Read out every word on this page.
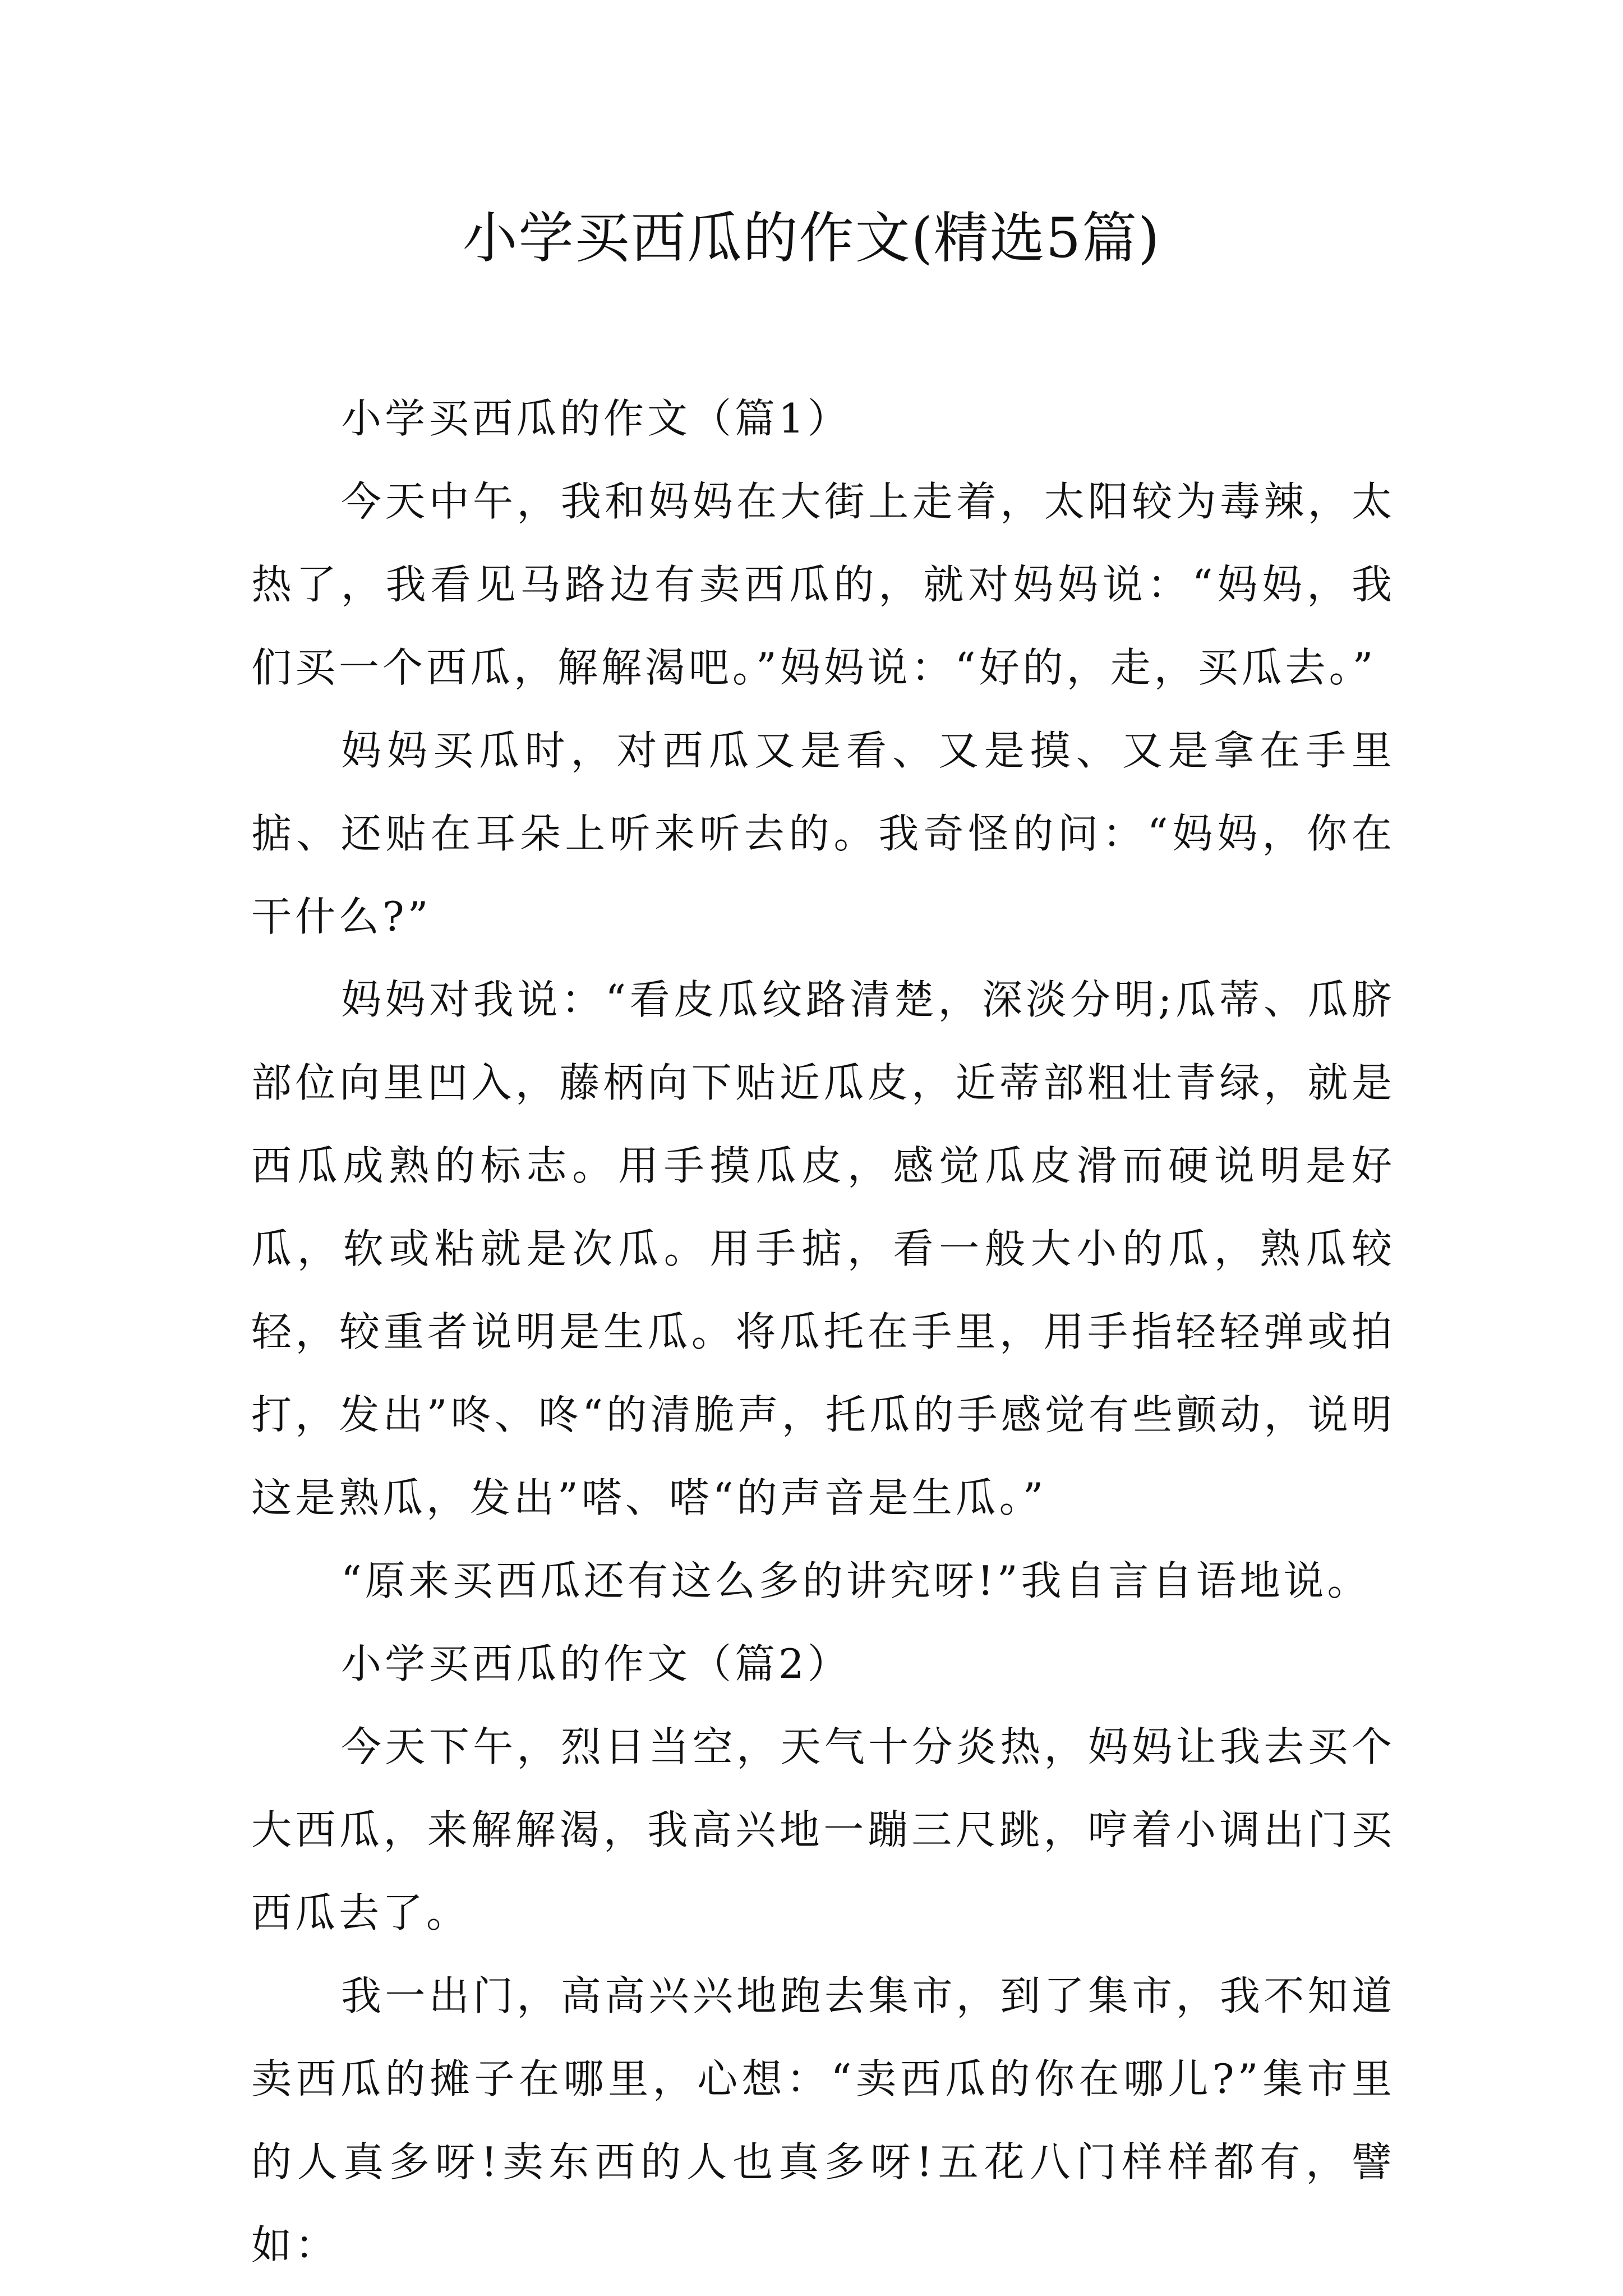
小学买西瓜的作文(精选5篇)

小学买西瓜的作文（篇1）

今天中午，我和妈妈在大街上走着，太阳较为毒辣，太热了，我看见马路边有卖西瓜的，就对妈妈说：“妈妈，我们买一个西瓜，解解渴吧。”妈妈说：“好的，走，买瓜去。”

妈妈买瓜时，对西瓜又是看、又是摸、又是拿在手里掂、还贴在耳朵上听来听去的。我奇怪的问：“妈妈，你在干什么?”

妈妈对我说：“看皮瓜纹路清楚，深淡分明;瓜蒂、瓜脐部位向里凹入，藤柄向下贴近瓜皮，近蒂部粗壮青绿，就是西瓜成熟的标志。用手摸瓜皮，感觉瓜皮滑而硬说明是好瓜，软或粘就是次瓜。用手掂，看一般大小的瓜，熟瓜较轻，较重者说明是生瓜。将瓜托在手里，用手指轻轻弹或拍打，发出”咚、咚“的清脆声，托瓜的手感觉有些颤动，说明这是熟瓜，发出”嗒、嗒“的声音是生瓜。”

“原来买西瓜还有这么多的讲究呀!”我自言自语地说。

小学买西瓜的作文（篇2）

今天下午，烈日当空，天气十分炎热，妈妈让我去买个大西瓜，来解解渴，我高兴地一蹦三尺跳，哼着小调出门买西瓜去了。

我一出门，高高兴兴地跑去集市，到了集市，我不知道卖西瓜的摊子在哪里，心想：“卖西瓜的你在哪儿?”集市里的人真多呀!卖东西的人也真多呀!五花八门样样都有，譬如：
